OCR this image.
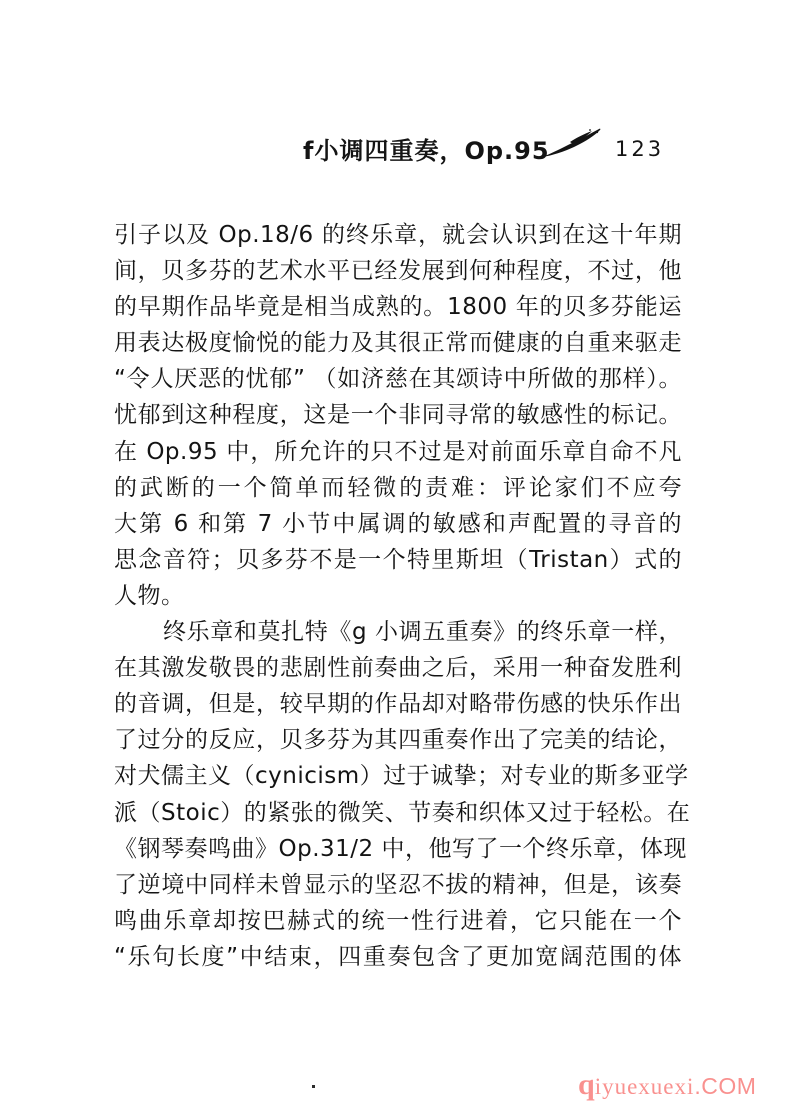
f小调四重奏，Op.95	123
引子以及 Op.18/6 的终乐章，就会认识到在这十年期
间，贝多芬的艺术水平已经发展到何种程度，不过，他
的早期作品毕竟是相当成熟的。1800 年的贝多芬能运
用表达极度愉悦的能力及其很正常而健康的自重来驱走
“令人厌恶的忧郁” （如济慈在其颂诗中所做的那样）。
忧郁到这种程度，这是一个非同寻常的敏感性的标记。
在 Op.95 中，所允许的只不过是对前面乐章自命不凡
的武断的一个简单而轻微的责难：评论家们不应夸
大第 6 和第 7 小节中属调的敏感和声配置的寻音的
思念音符；贝多芬不是一个特里斯坦（Tristan）式的
人物。
终乐章和莫扎特《g 小调五重奏》的终乐章一样，
在其激发敬畏的悲剧性前奏曲之后，采用一种奋发胜利
的音调，但是，较早期的作品却对略带伤感的快乐作出
了过分的反应，贝多芬为其四重奏作出了完美的结论，
对犬儒主义（cynicism）过于诚挚；对专业的斯多亚学
派（Stoic）的紧张的微笑、节奏和织体又过于轻松。在
《钢琴奏鸣曲》Op.31/2 中，他写了一个终乐章，体现
了逆境中同样未曾显示的坚忍不拔的精神，但是，该奏
鸣曲乐章却按巴赫式的统一性行进着，它只能在一个
“乐句长度”中结束，四重奏包含了更加宽阔范围的体
q iyuexuexi .COM
